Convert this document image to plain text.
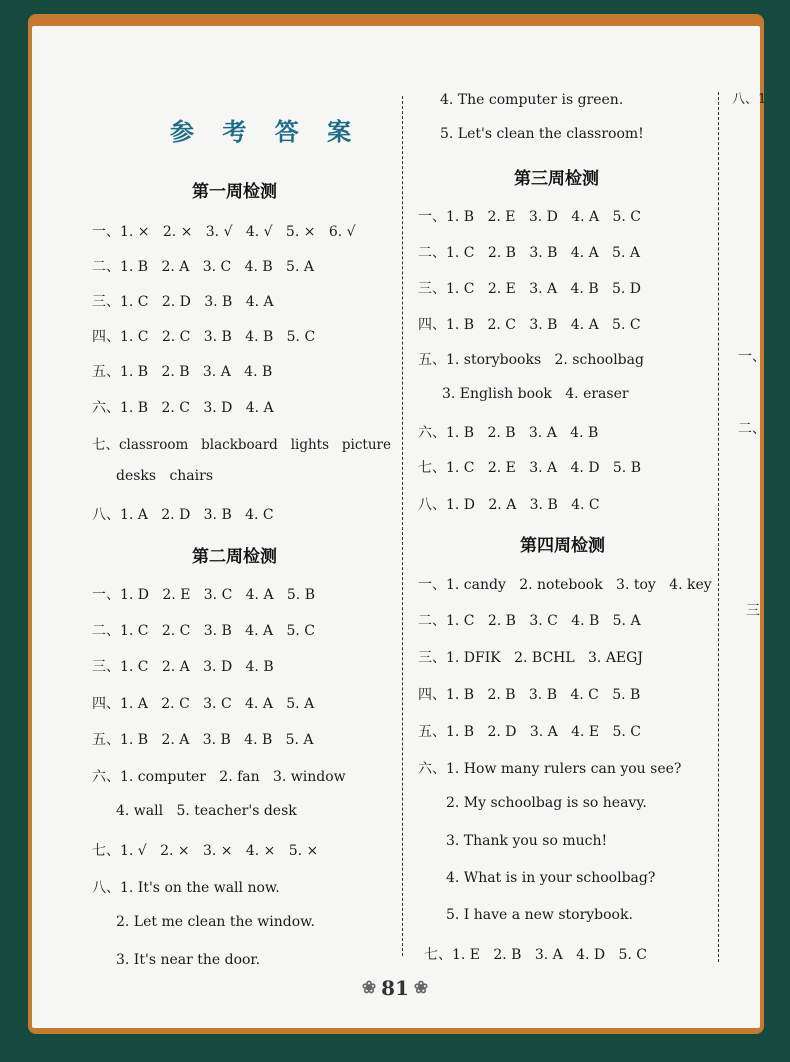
参 考 答 案
第一周检测
一、1. ×   2. ×   3. √   4. √   5. ×   6. √
二、1. B   2. A   3. C   4. B   5. A
三、1. C   2. D   3. B   4. A
四、1. C   2. C   3. B   4. B   5. C
五、1. B   2. B   3. A   4. B
六、1. B   2. C   3. D   4. A
七、classroom   blackboard   lights   picture
desks   chairs
八、1. A   2. D   3. B   4. C
第二周检测
一、1. D   2. E   3. C   4. A   5. B
二、1. C   2. C   3. B   4. A   5. C
三、1. C   2. A   3. D   4. B
四、1. A   2. C   3. C   4. A   5. A
五、1. B   2. A   3. B   4. B   5. A
六、1. computer   2. fan   3. window
4. wall   5. teacher's desk
七、1. √   2. ×   3. ×   4. ×   5. ×
八、1. It's on the wall now.
2. Let me clean the window.
3. It's near the door.
4. The computer is green.
5. Let's clean the classroom!
第三周检测
一、1. B   2. E   3. D   4. A   5. C
二、1. C   2. B   3. B   4. A   5. A
三、1. C   2. E   3. A   4. B   5. D
四、1. B   2. C   3. B   4. A   5. C
五、1. storybooks   2. schoolbag
3. English book   4. eraser
六、1. B   2. B   3. A   4. B
七、1. C   2. E   3. A   4. D   5. B
八、1. D   2. A   3. B   4. C
第四周检测
一、1. candy   2. notebook   3. toy   4. key
二、1. C   2. B   3. C   4. B   5. A
三、1. DFIK   2. BCHL   3. AEGJ
四、1. B   2. B   3. B   4. C   5. B
五、1. B   2. D   3. A   4. E   5. C
六、1. How many rulers can you see?
2. My schoolbag is so heavy.
3. Thank you so much!
4. What is in your schoolbag?
5. I have a new storybook.
七、1. E   2. B   3. A   4. D   5. C
八、1
一、
二、
三
❀ 81 ❀
